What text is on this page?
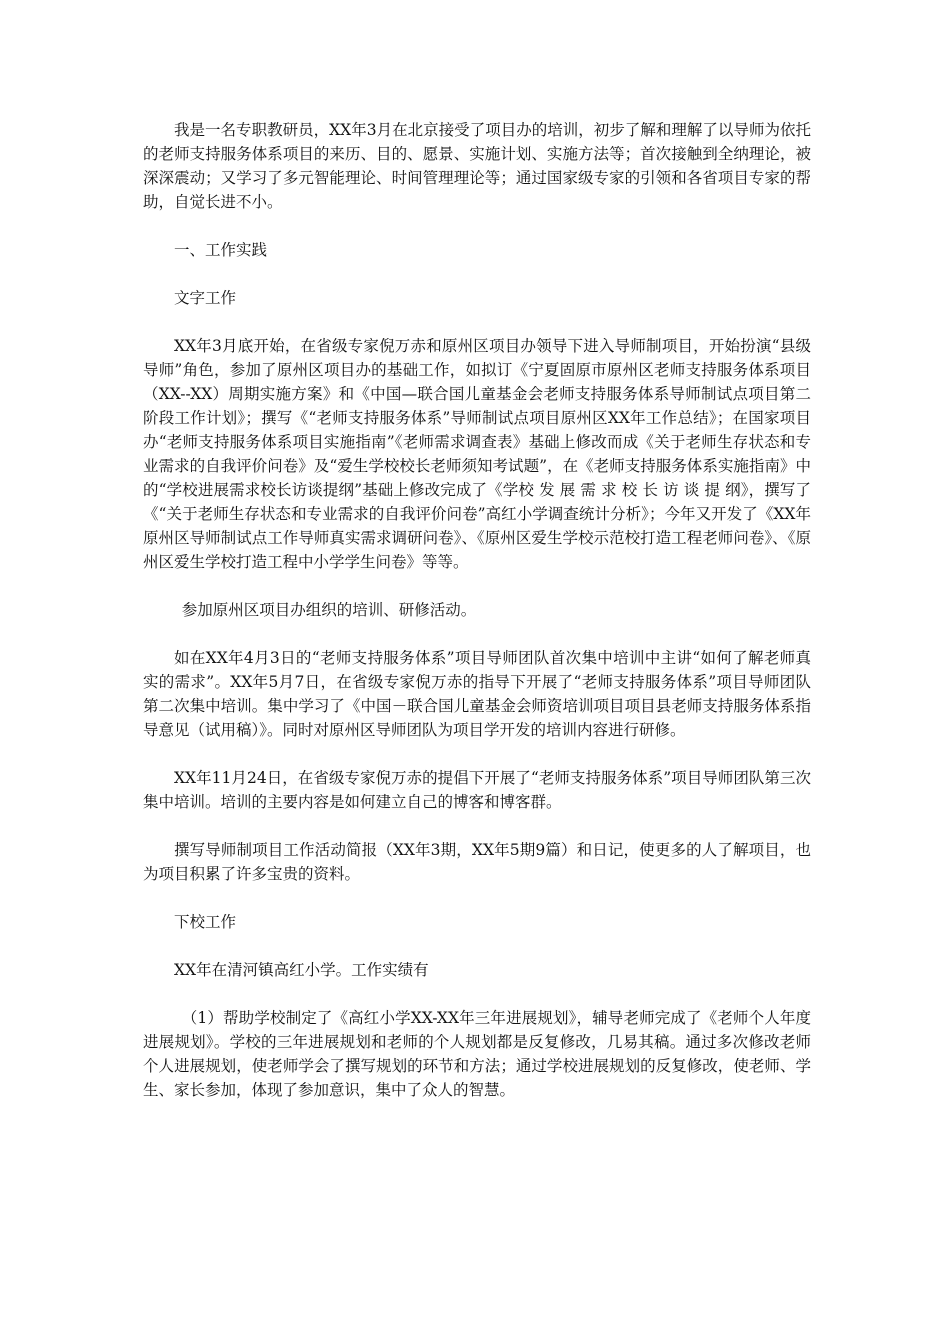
我是一名专职教研员，XX年3月在北京接受了项目办的培训，初步了解和理解了以导师为依托的老师支持服务体系项目的来历、目的、愿景、实施计划、实施方法等；首次接触到全纳理论，被深深震动；又学习了多元智能理论、时间管理理论等；通过国家级专家的引领和各省项目专家的帮助，自觉长进不小。

一、工作实践

文字工作

XX年3月底开始，在省级专家倪万赤和原州区项目办领导下进入导师制项目，开始扮演“县级导师”角色，参加了原州区项目办的基础工作，如拟订《宁夏固原市原州区老师支持服务体系项目（XX--XX）周期实施方案》和《中国—联合国儿童基金会老师支持服务体系导师制试点项目第二阶段工作计划》；撰写《“老师支持服务体系”导师制试点项目原州区XX年工作总结》；在国家项目办“老师支持服务体系项目实施指南”《老师需求调查表》基础上修改而成《关于老师生存状态和专业需求的自我评价问卷》及“爱生学校校长老师须知考试题”，在《老师支持服务体系实施指南》中的“学校进展需求校长访谈提纲”基础上修改完成了《学校 发 展 需 求 校 长 访 谈 提 纲》，撰写了《“关于老师生存状态和专业需求的自我评价问卷”高红小学调查统计分析》；今年又开发了《XX年原州区导师制试点工作导师真实需求调研问卷》、《原州区爱生学校示范校打造工程老师问卷》、《原州区爱生学校打造工程中小学学生问卷》等等。

参加原州区项目办组织的培训、研修活动。

如在XX年4月3日的“老师支持服务体系”项目导师团队首次集中培训中主讲“如何了解老师真实的需求”。XX年5月7日，在省级专家倪万赤的指导下开展了“老师支持服务体系”项目导师团队第二次集中培训。集中学习了《中国－联合国儿童基金会师资培训项目项目县老师支持服务体系指导意见（试用稿）》。同时对原州区导师团队为项目学开发的培训内容进行研修。

XX年11月24日，在省级专家倪万赤的提倡下开展了“老师支持服务体系”项目导师团队第三次集中培训。培训的主要内容是如何建立自己的博客和博客群。

撰写导师制项目工作活动简报（XX年3期，XX年5期9篇）和日记，使更多的人了解项目，也为项目积累了许多宝贵的资料。

下校工作

XX年在清河镇高红小学。工作实绩有

（1）帮助学校制定了《高红小学XX-XX年三年进展规划》，辅导老师完成了《老师个人年度进展规划》。学校的三年进展规划和老师的个人规划都是反复修改，几易其稿。通过多次修改老师个人进展规划，使老师学会了撰写规划的环节和方法；通过学校进展规划的反复修改，使老师、学生、家长参加，体现了参加意识，集中了众人的智慧。
